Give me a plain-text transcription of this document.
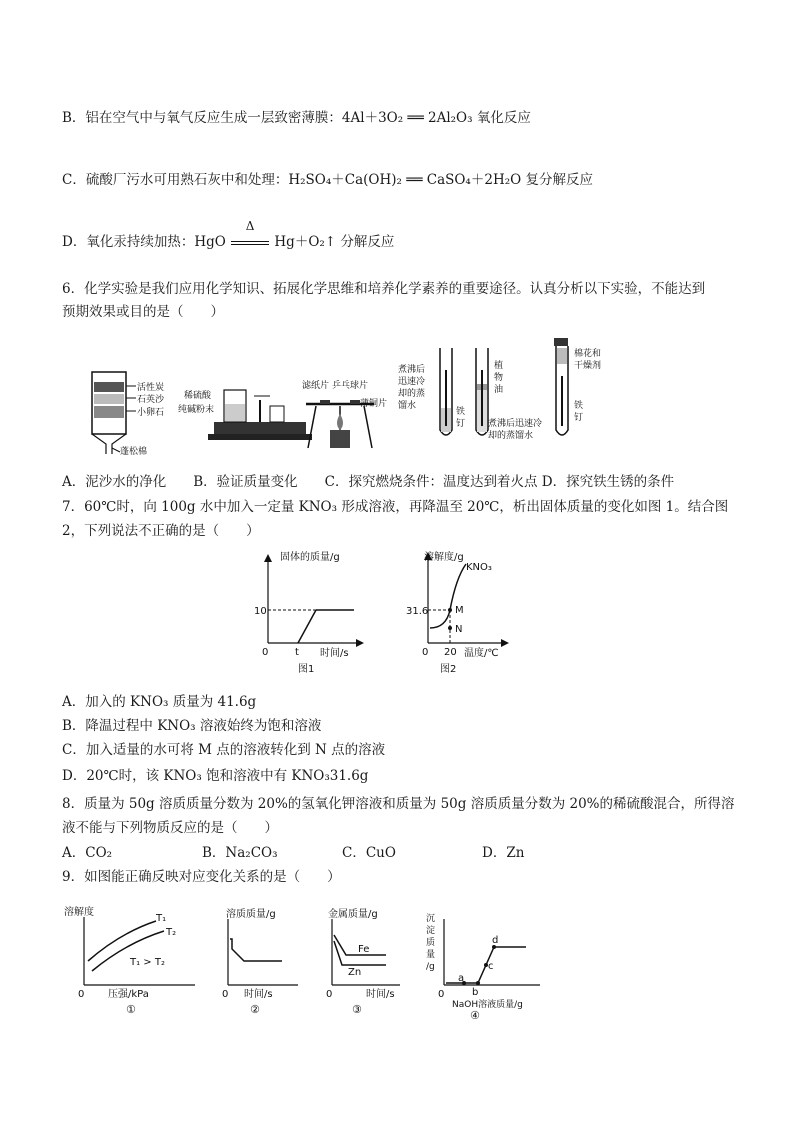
B．铝在空气中与氧气反应生成一层致密薄膜：4Al＋3O₂ ══ 2Al₂O₃ 氧化反应
C．硫酸厂污水可用熟石灰中和处理：H₂SO₄＋Ca(OH)₂ ══ CaSO₄＋2H₂O 复分解反应
D．氧化汞持续加热：HgO
Δ
Hg＋O₂↑ 分解反应
6．化学实验是我们应用化学知识、拓展化学思维和培养化学素养的重要途径。认真分析以下实验，不能达到
预期效果或目的是（　　）
活性炭
石英沙
小卵石
蓬松棉
稀硫酸
纯碱粉末
滤纸片 乒乓球片
薄铜片
煮沸后
迅速冷
却的蒸
馏水
铁
钉
植
物
油
煮沸后迅速冷
却的蒸馏水
棉花和
干燥剂
铁
钉
A．泥沙水的净化　　B．验证质量变化　　C．探究燃烧条件：温度达到着火点 D．探究铁生锈的条件
7．60℃时，向 100g 水中加入一定量 KNO₃ 形成溶液，再降温至 20℃，析出固体质量的变化如图 1。结合图
2，下列说法不正确的是（　　）
固体的质量/g
10
0	t 时间/s
图1
溶解度/g
KNO₃
31.6	M
N
0 20 温度/℃
图2
A．加入的 KNO₃ 质量为 41.6g
B．降温过程中 KNO₃ 溶液始终为饱和溶液
C．加入适量的水可将 M 点的溶液转化到 N 点的溶液
D．20℃时，该 KNO₃ 饱和溶液中有 KNO₃31.6g
8．质量为 50g 溶质质量分数为 20%的氢氧化钾溶液和质量为 50g 溶质质量分数为 20%的稀硫酸混合，所得溶
液不能与下列物质反应的是（　　）
A．CO₂	B．Na₂CO₃	C．CuO	D．Zn
9．如图能正确反映对应变化关系的是（　　）
溶解度
T₁
T₂
T₁ > T₂
0 压强/kPa
①
溶质质量/g
0 时间/s
②
金属质量/g
Fe
Zn
0	时间/s
③
沉
淀
质
量
/g
a
b
c
d
0
NaOH溶液质量/g
④
